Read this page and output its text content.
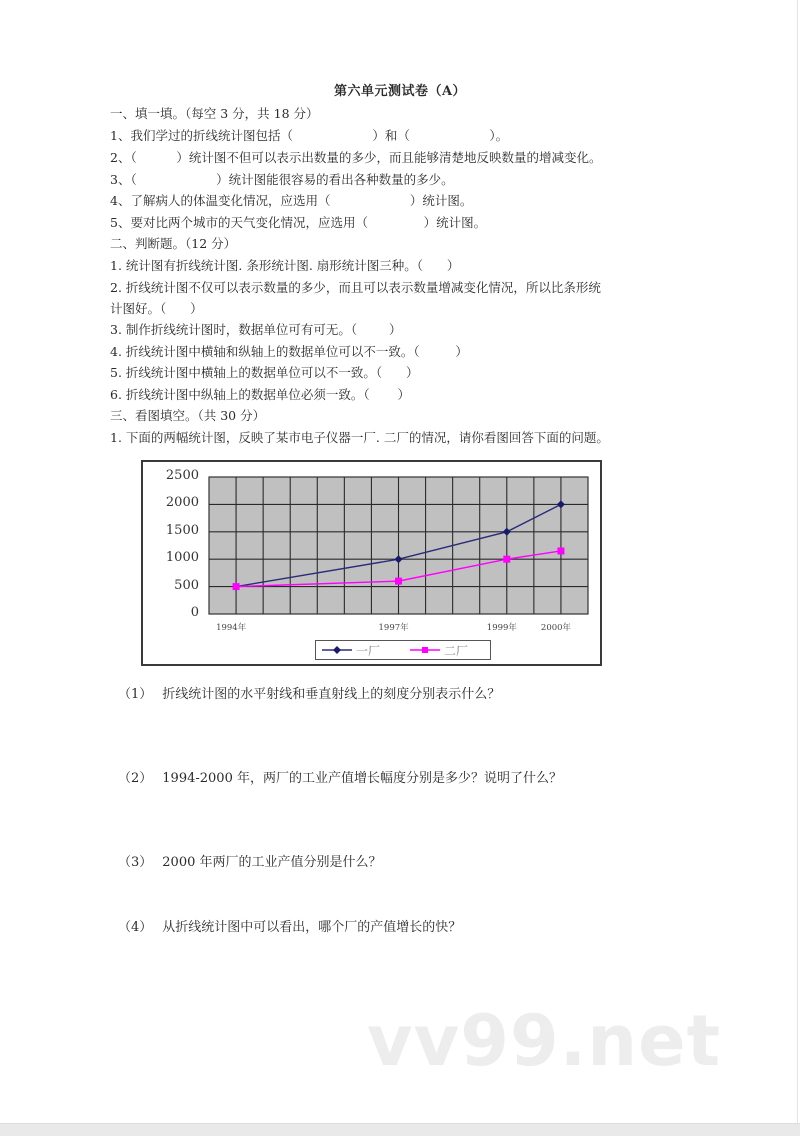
第六单元测试卷（A）
一、填一填。（每空 3 分，共 18 分）
1、我们学过的折线统计图包括（                    ）和（                    ）。
2、（          ）统计图不但可以表示出数量的多少，而且能够清楚地反映数量的增减变化。
3、（                    ）统计图能很容易的看出各种数量的多少。
4、了解病人的体温变化情况，应选用（                    ）统计图。
5、要对比两个城市的天气变化情况，应选用（              ）统计图。
二、判断题。（12 分）
1. 统计图有折线统计图. 条形统计图. 扇形统计图三种。（      ）
2. 折线统计图不仅可以表示数量的多少，而且可以表示数量增减变化情况，所以比条形统
计图好。（      ）
3. 制作折线统计图时，数据单位可有可无。（        ）
4. 折线统计图中横轴和纵轴上的数据单位可以不一致。（         ）
5. 折线统计图中横轴上的数据单位可以不一致。（      ）
6. 折线统计图中纵轴上的数据单位必须一致。（       ）
三、看图填空。（共 30 分）
1. 下面的两幅统计图，反映了某市电子仪器一厂. 二厂的情况，请你看图回答下面的问题。
2500
2000
1500
1000
500
0
1994年	1997年	1999年	2000年
一厂	二厂
（1） 折线统计图的水平射线和垂直射线上的刻度分别表示什么？
（2） 1994-2000 年，两厂的工业产值增长幅度分别是多少？说明了什么？
（3） 2000 年两厂的工业产值分别是什么？
（4） 从折线统计图中可以看出，哪个厂的产值增长的快？
vv99.net
